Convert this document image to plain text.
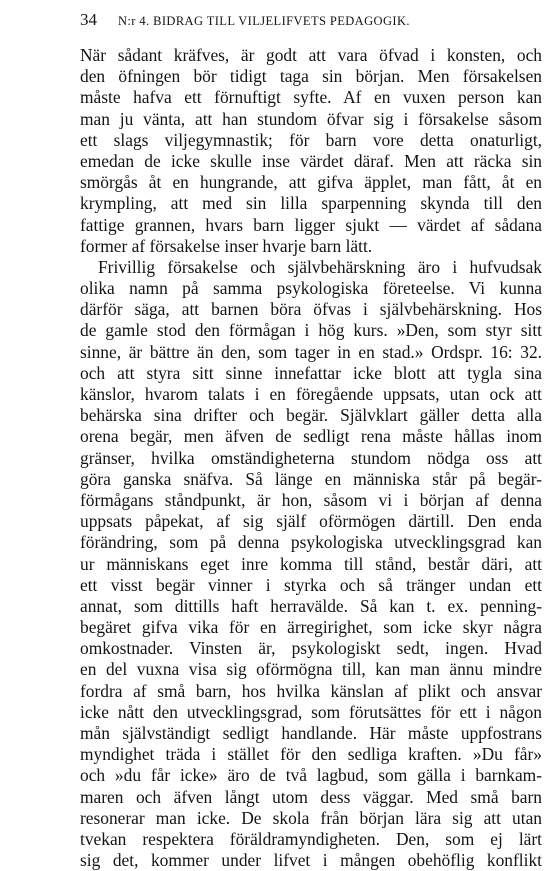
34 N:r 4. BIDRAG TILL VILJELIFVETS PEDAGOGIK.
När sådant kräfves, är godt att vara öfvad i konsten, och
den öfningen bör tidigt taga sin början. Men försakelsen
måste hafva ett förnuftigt syfte. Af en vuxen person kan
man ju vänta, att han stundom öfvar sig i försakelse såsom
ett slags viljegymnastik; för barn vore detta onaturligt,
emedan de icke skulle inse värdet däraf. Men att räcka sin
smörgås åt en hungrande, att gifva äpplet, man fått, åt en
krympling, att med sin lilla sparpenning skynda till den
fattige grannen, hvars barn ligger sjukt — värdet af sådana
former af försakelse inser hvarje barn lätt.
Frivillig försakelse och självbehärskning äro i hufvudsak
olika namn på samma psykologiska företeelse. Vi kunna
därför säga, att barnen böra öfvas i självbehärskning. Hos
de gamle stod den förmågan i hög kurs. »Den, som styr sitt
sinne, är bättre än den, som tager in en stad.» Ordspr. 16: 32.
och att styra sitt sinne innefattar icke blott att tygla sina
känslor, hvarom talats i en föregående uppsats, utan ock att
behärska sina drifter och begär. Självklart gäller detta alla
orena begär, men äfven de sedligt rena måste hållas inom
gränser, hvilka omständigheterna stundom nödga oss att
göra ganska snäfva. Så länge en människa står på begär-
förmågans ståndpunkt, är hon, såsom vi i början af denna
uppsats påpekat, af sig själf oförmögen därtill. Den enda
förändring, som på denna psykologiska utvecklingsgrad kan
ur människans eget inre komma till stånd, består däri, att
ett visst begär vinner i styrka och så tränger undan ett
annat, som dittills haft herravälde. Så kan t. ex. penning-
begäret gifva vika för en ärregirighet, som icke skyr några
omkostnader. Vinsten är, psykologiskt sedt, ingen. Hvad
en del vuxna visa sig oförmögna till, kan man ännu mindre
fordra af små barn, hos hvilka känslan af plikt och ansvar
icke nått den utvecklingsgrad, som förutsättes för ett i någon
mån självständigt sedligt handlande. Här måste uppfostrans
myndighet träda i stället för den sedliga kraften. »Du får»
och »du får icke» äro de två lagbud, som gälla i barnkam-
maren och äfven långt utom dess väggar. Med små barn
resonerar man icke. De skola från början lära sig att utan
tvekan respektera föräldramyndigheten. Den, som ej lärt
sig det, kommer under lifvet i mången obehöflig konflikt
